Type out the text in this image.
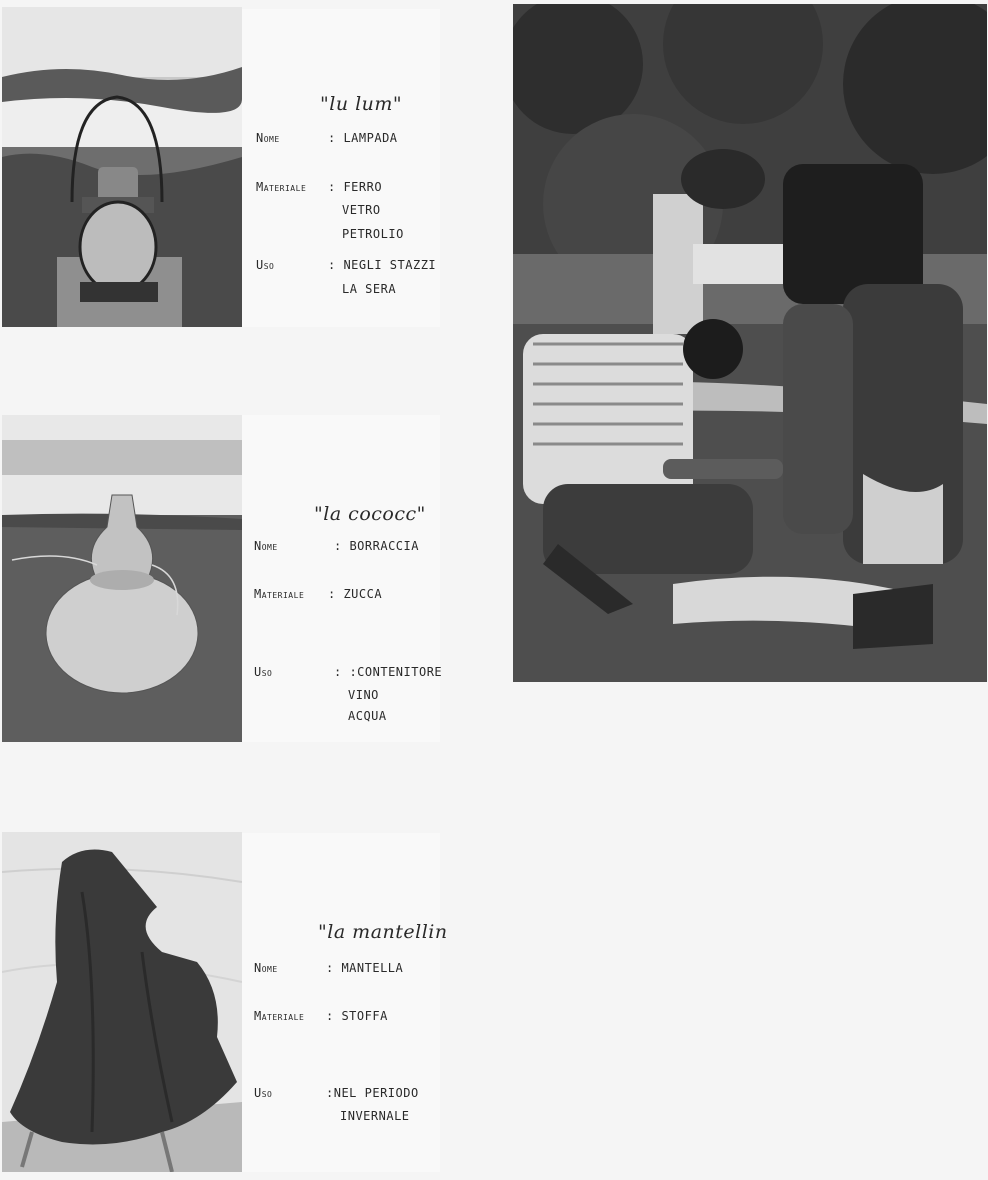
"lu lum"
Nome	: LAMPADA
Materiale : FERRO
VETRO
PETROLIO
Uso	: NEGLI STAZZI
LA SERA
"la cococc"
Nome	: BORRACCIA
Materiale : ZUCCA
Uso	: :CONTENITORE
VINO
ACQUA
"la mantellin
Nome	: MANTELLA
Materiale : STOFFA
Uso	:NEL PERIODO
INVERNALE
